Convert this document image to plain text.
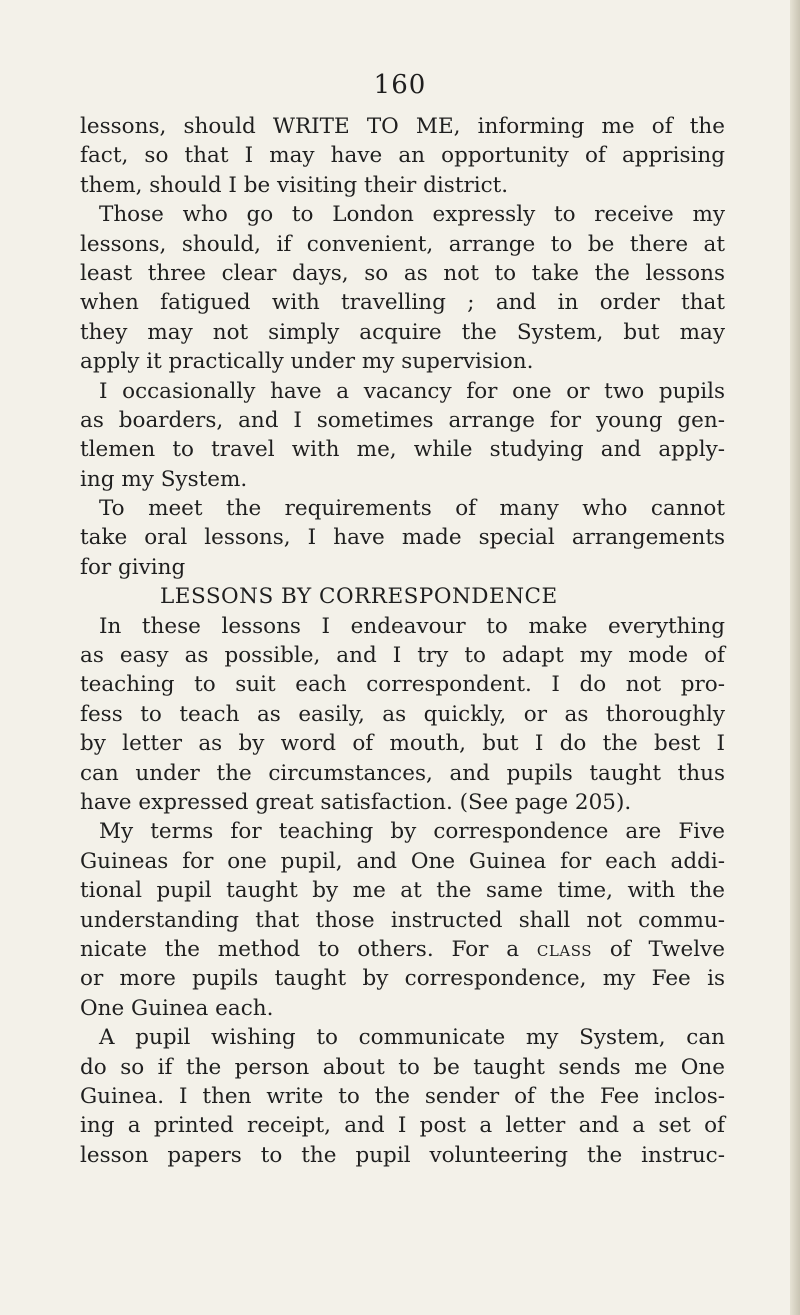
160
lessons, should WRITE TO ME, informing me of the
fact, so that I may have an opportunity of apprising
them, should I be visiting their district.
Those who go to London expressly to receive my
lessons, should, if convenient, arrange to be there at
least three clear days, so as not to take the lessons
when fatigued with travelling ; and in order that
they may not simply acquire the System, but may
apply it practically under my supervision.
I occasionally have a vacancy for one or two pupils
as boarders, and I sometimes arrange for young gen-
tlemen to travel with me, while studying and apply-
ing my System.
To meet the requirements of many who cannot
take oral lessons, I have made special arrangements
for giving
LESSONS BY CORRESPONDENCE
In these lessons I endeavour to make everything
as easy as possible, and I try to adapt my mode of
teaching to suit each correspondent. I do not pro-
fess to teach as easily, as quickly, or as thoroughly
by letter as by word of mouth, but I do the best I
can under the circumstances, and pupils taught thus
have expressed great satisfaction. (See page 205).
My terms for teaching by correspondence are Five
Guineas for one pupil, and One Guinea for each addi-
tional pupil taught by me at the same time, with the
understanding that those instructed shall not commu-
nicate the method to others. For a CLASS of Twelve
or more pupils taught by correspondence, my Fee is
One Guinea each.
A pupil wishing to communicate my System, can
do so if the person about to be taught sends me One
Guinea. I then write to the sender of the Fee inclos-
ing a printed receipt, and I post a letter and a set of
lesson papers to the pupil volunteering the instruc-
